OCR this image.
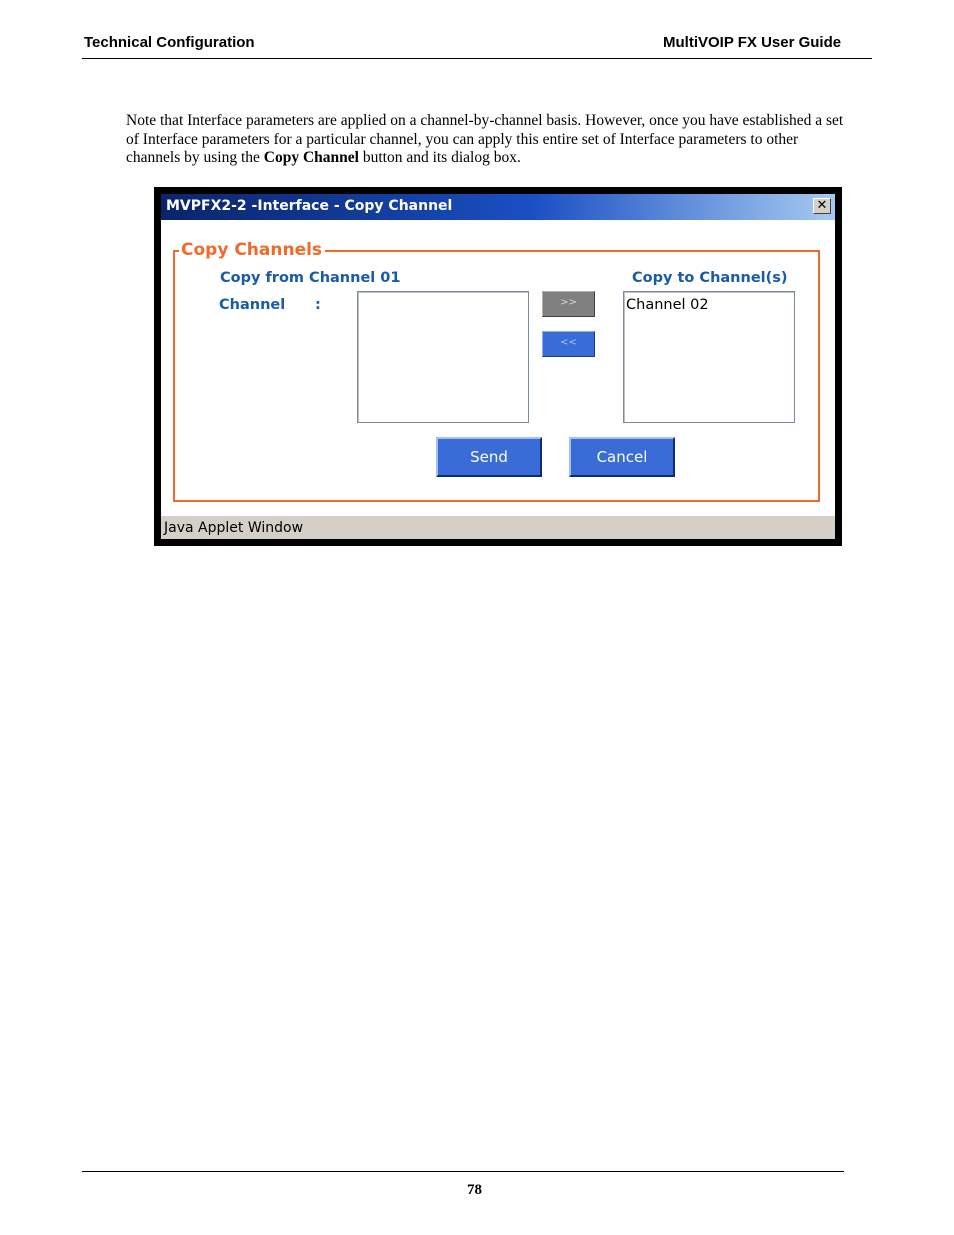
Technical Configuration	MultiVOIP FX User Guide

Note that Interface parameters are applied on a channel-by-channel basis. However, once you have established a set of Interface parameters for a particular channel, you can apply this entire set of Interface parameters to other channels by using the Copy Channel button and its dialog box.

MVPFX2-2 -Interface - Copy Channel	✕
Copy Channels
Copy from Channel 01
Channel :
Copy to Channel(s)
>>
<<
Channel 02
Send	Cancel
Java Applet Window
78
